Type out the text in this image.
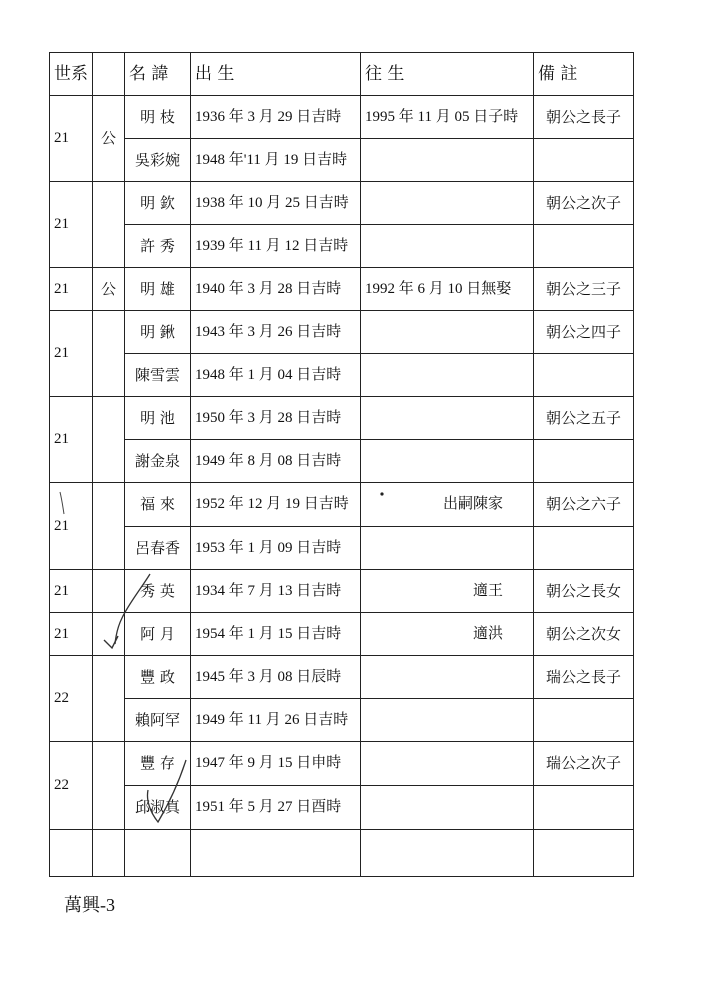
世系		名 諱	出 生	往 生	備 註
21	公	明 枝	1936 年 3 月 29 日吉時	1995 年 11 月 05 日子時	朝公之長子
		吳彩婉	1948 年'11 月 19 日吉時		
21		明 欽	1938 年 10 月 25 日吉時		朝公之次子
		許 秀	1939 年 11 月 12 日吉時		
21	公	明 雄	1940 年 3 月 28 日吉時	1992 年 6 月 10 日無娶	朝公之三子
21		明 鍬	1943 年 3 月 26 日吉時		朝公之四子
		陳雪雲	1948 年 1 月 04 日吉時		
21		明 池	1950 年 3 月 28 日吉時		朝公之五子
		謝金泉	1949 年 8 月 08 日吉時		
21		福 來	1952 年 12 月 19 日吉時	出嗣陳家	朝公之六子
		呂春香	1953 年 1 月 09 日吉時		
21		秀 英	1934 年 7 月 13 日吉時	適王	朝公之長女
21		阿 月	1954 年 1 月 15 日吉時	適洪	朝公之次女
22		豐 政	1945 年 3 月 08 日辰時		瑞公之長子
		賴阿罕	1949 年 11 月 26 日吉時		
22		豐 存	1947 年 9 月 15 日申時		瑞公之次子
		邱淑真	1951 年 5 月 27 日酉時		

萬興-3
